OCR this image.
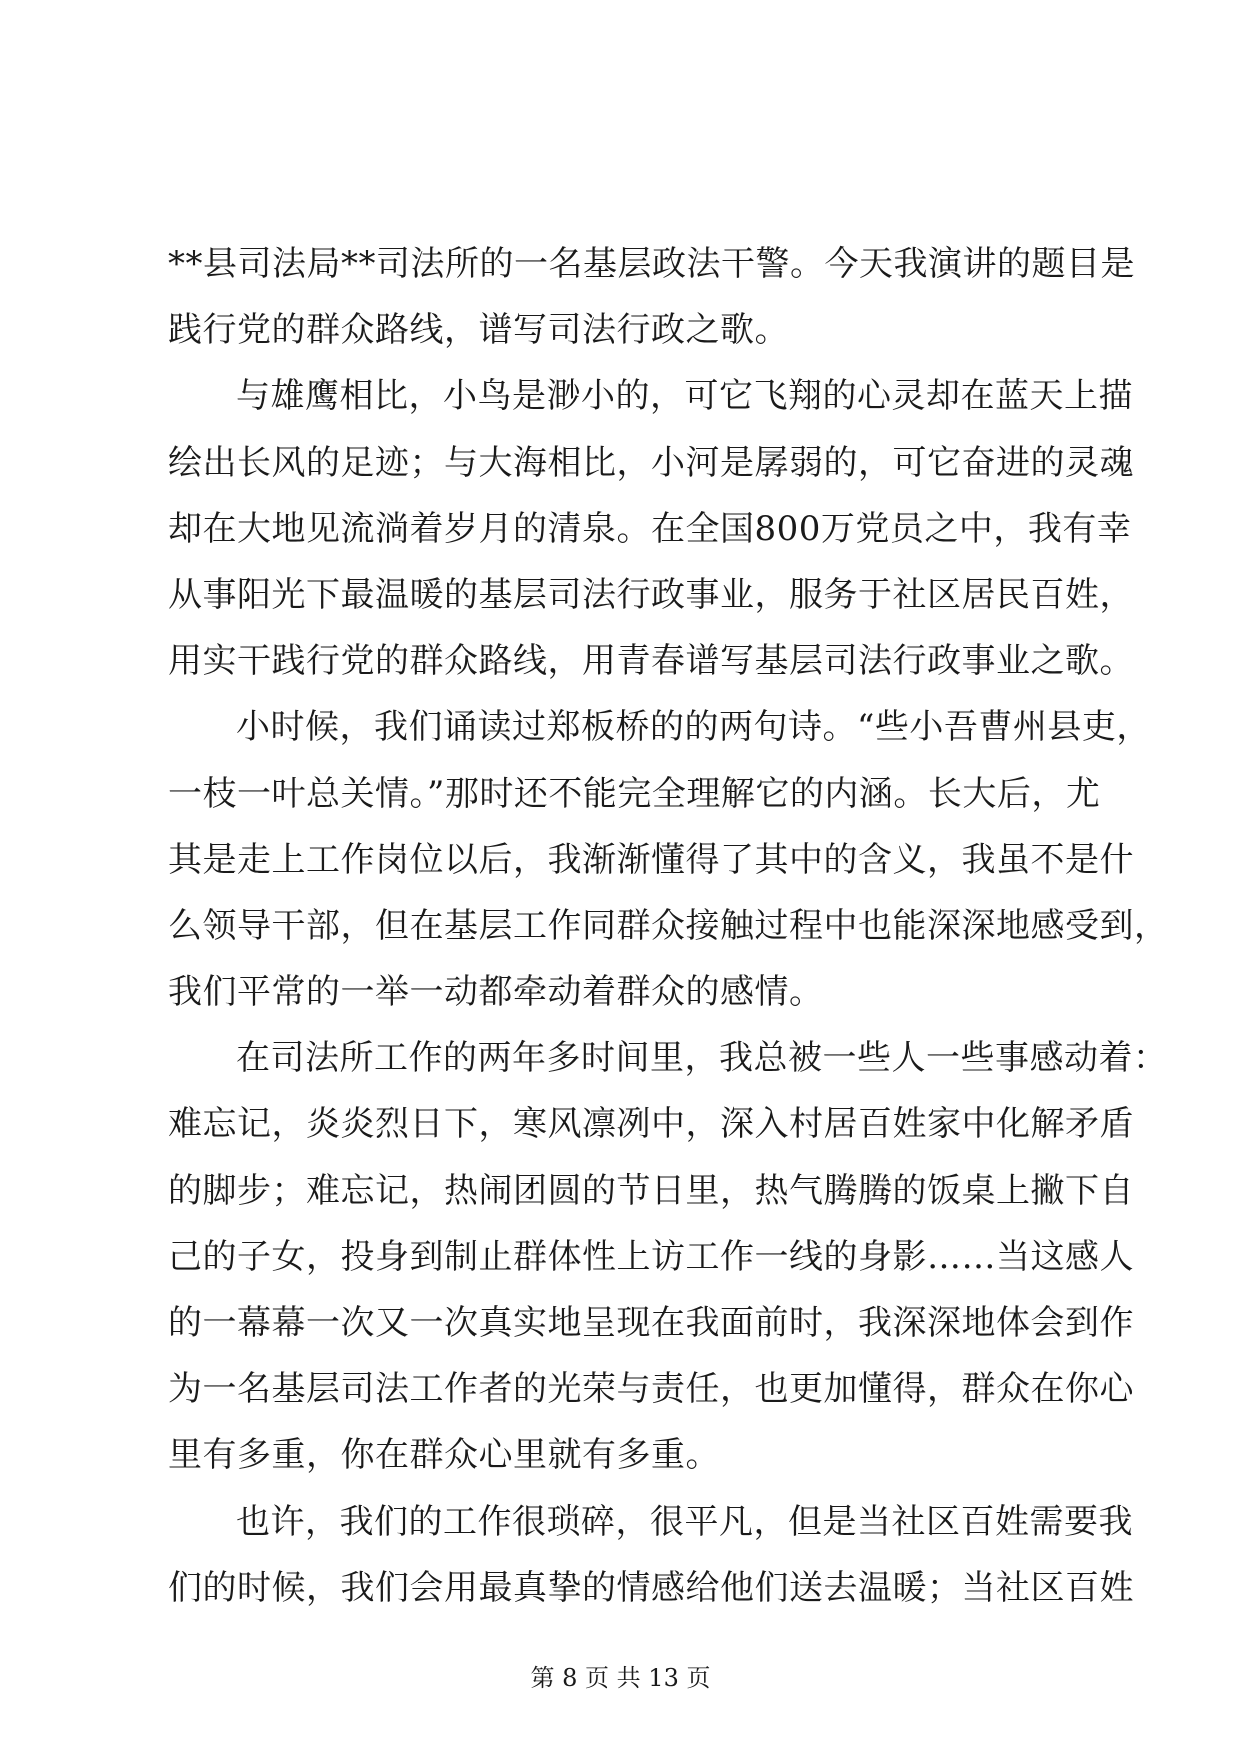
**县司法局**司法所的一名基层政法干警。今天我演讲的题目是
践行党的群众路线，谱写司法行政之歌。

与雄鹰相比，小鸟是渺小的，可它飞翔的心灵却在蓝天上描
绘出长风的足迹；与大海相比，小河是孱弱的，可它奋进的灵魂
却在大地见流淌着岁月的清泉。在全国800万党员之中，我有幸
从事阳光下最温暖的基层司法行政事业，服务于社区居民百姓，
用实干践行党的群众路线，用青春谱写基层司法行政事业之歌。

小时候，我们诵读过郑板桥的的两句诗。“些小吾曹州县吏，
一枝一叶总关情。”那时还不能完全理解它的内涵。长大后，尤
其是走上工作岗位以后，我渐渐懂得了其中的含义，我虽不是什
么领导干部，但在基层工作同群众接触过程中也能深深地感受到，
我们平常的一举一动都牵动着群众的感情。

在司法所工作的两年多时间里，我总被一些人一些事感动着：
难忘记，炎炎烈日下，寒风凛冽中，深入村居百姓家中化解矛盾
的脚步；难忘记，热闹团圆的节日里，热气腾腾的饭桌上撇下自
己的子女，投身到制止群体性上访工作一线的身影……当这感人
的一幕幕一次又一次真实地呈现在我面前时，我深深地体会到作
为一名基层司法工作者的光荣与责任，也更加懂得，群众在你心
里有多重，你在群众心里就有多重。

也许，我们的工作很琐碎，很平凡，但是当社区百姓需要我
们的时候，我们会用最真挚的情感给他们送去温暖；当社区百姓

第 8 页 共 13 页
